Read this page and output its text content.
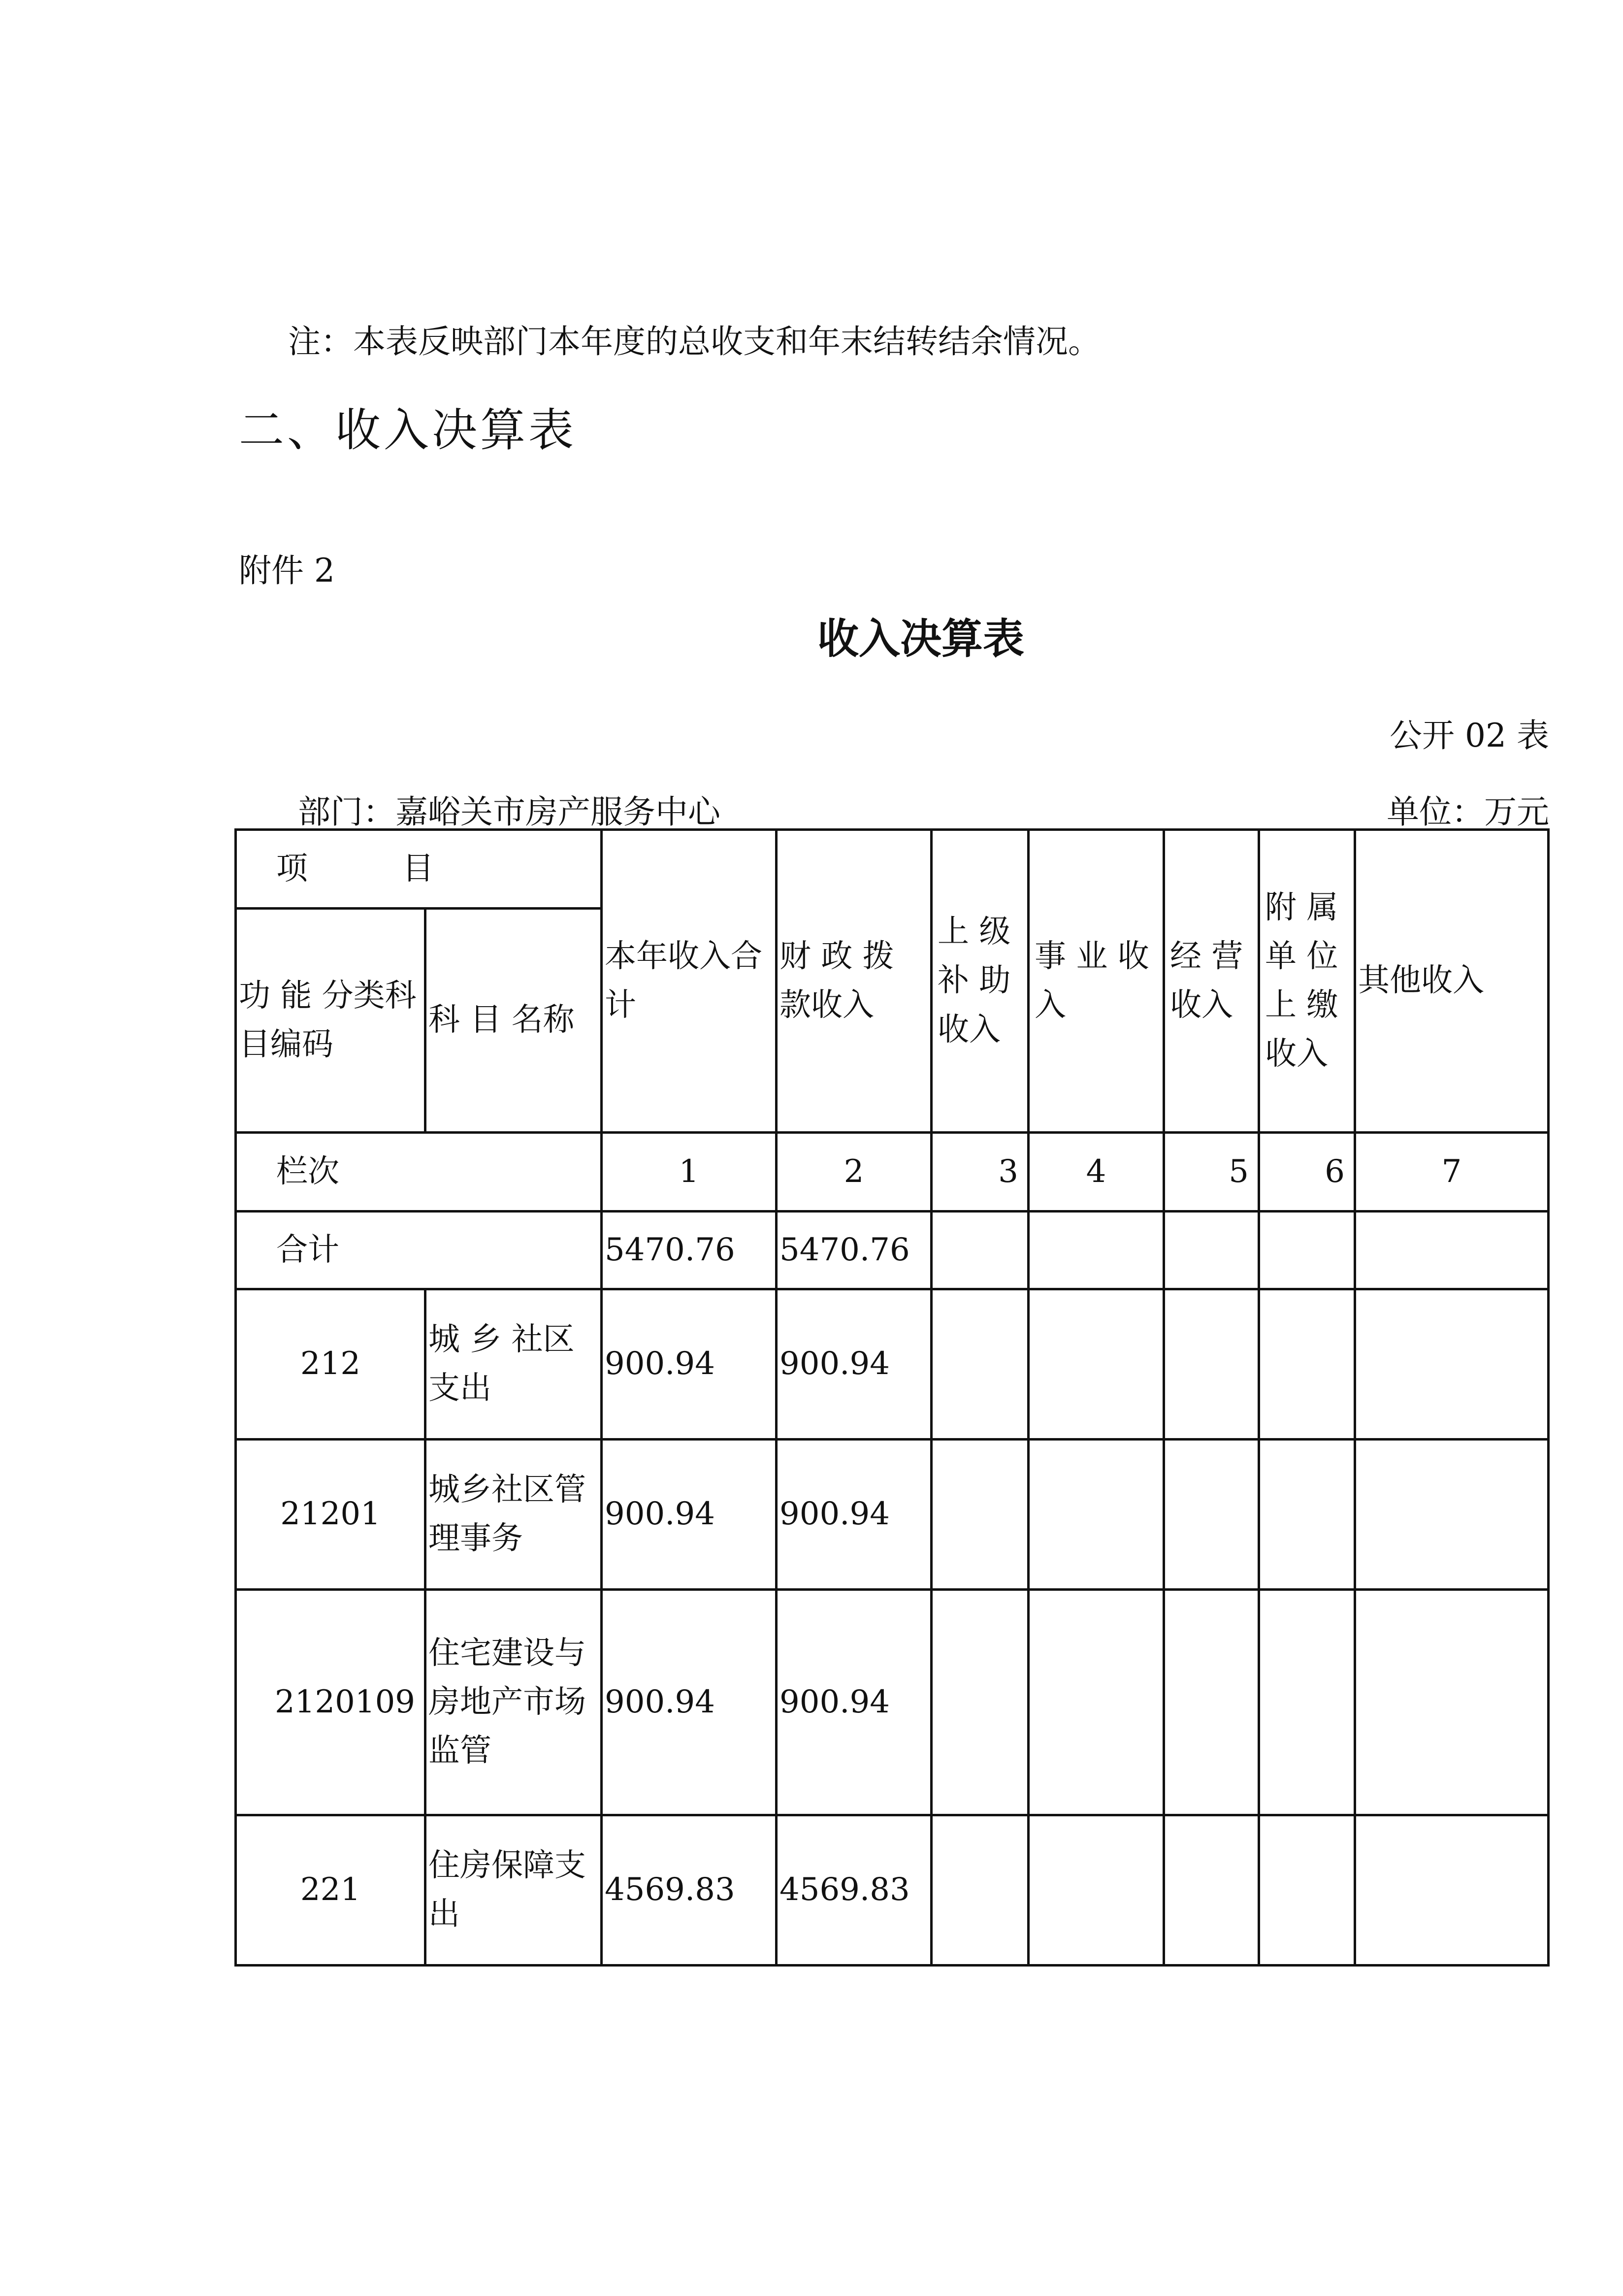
注：本表反映部门本年度的总收支和年末结转结余情况。
二、收入决算表
附件 2
收入决算表
公开 02 表
部门：嘉峪关市房产服务中心	单位：万元
项　　　目		本年收入合计	财 政 拨 款收入	上 级 补 助 收入	事 业 收入	经 营 收入	附 属 单 位 上 缴 收入	其他收入
功 能 分类科目编码	科 目 名称							
栏次		1	2	3	4	5	6	7
合计		5470.76	5470.76					
212	城 乡 社区支出	900.94	900.94					
21201	城乡社区管理事务	900.94	900.94					
2120109	住宅建设与房地产市场监管	900.94	900.94					
221	住房保障支出	4569.83	4569.83					
